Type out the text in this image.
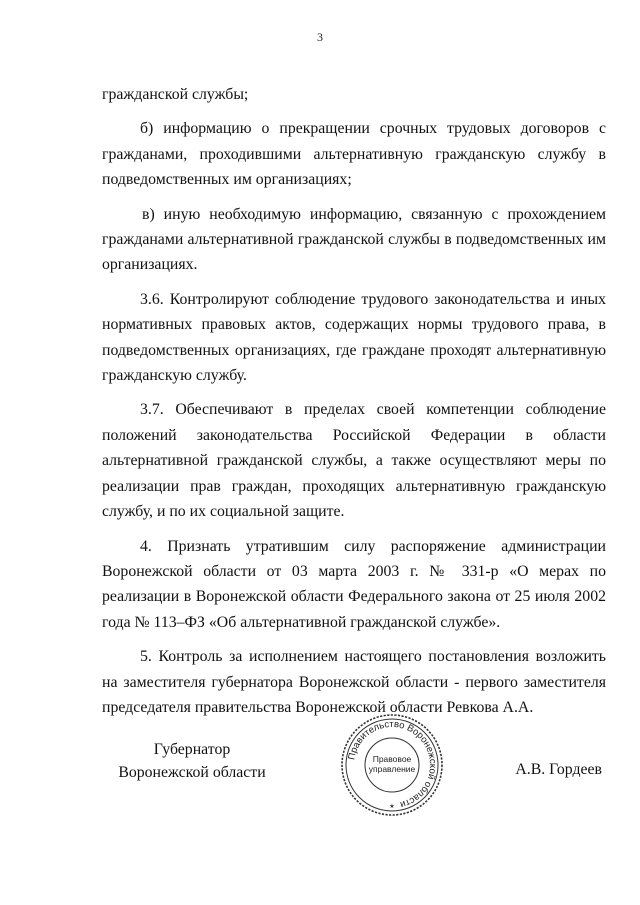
3

гражданской службы;

б) информацию о прекращении срочных трудовых договоров с гражданами, проходившими альтернативную гражданскую службу в подведомственных им организациях;

в) иную необходимую информацию, связанную с прохождением гражданами альтернативной гражданской службы в подведомственных им организациях.

3.6. Контролируют соблюдение трудового законодательства и иных нормативных правовых актов, содержащих нормы трудового права, в подведомственных организациях, где граждане проходят альтернативную гражданскую службу.

3.7. Обеспечивают в пределах своей компетенции соблюдение положений законодательства Российской Федерации в области альтернативной гражданской службы, а также осуществляют меры по реализации прав граждан, проходящих альтернативную гражданскую службу, и по их социальной защите.

4. Признать утратившим силу распоряжение администрации Воронежской области от 03 марта 2003 г. № 331-р «О мерах по реализации в Воронежской области Федерального закона от 25 июля 2002 года № 113–ФЗ «Об альтернативной гражданской службе».

5. Контроль за исполнением настоящего постановления возложить на заместителя губернатора Воронежской области - первого заместителя председателя правительства Воронежской области Ревкова А.А.

Губернатор
Воронежской области
Правительство Воронежской области
Правовое
управление
★
А.В. Гордеев
